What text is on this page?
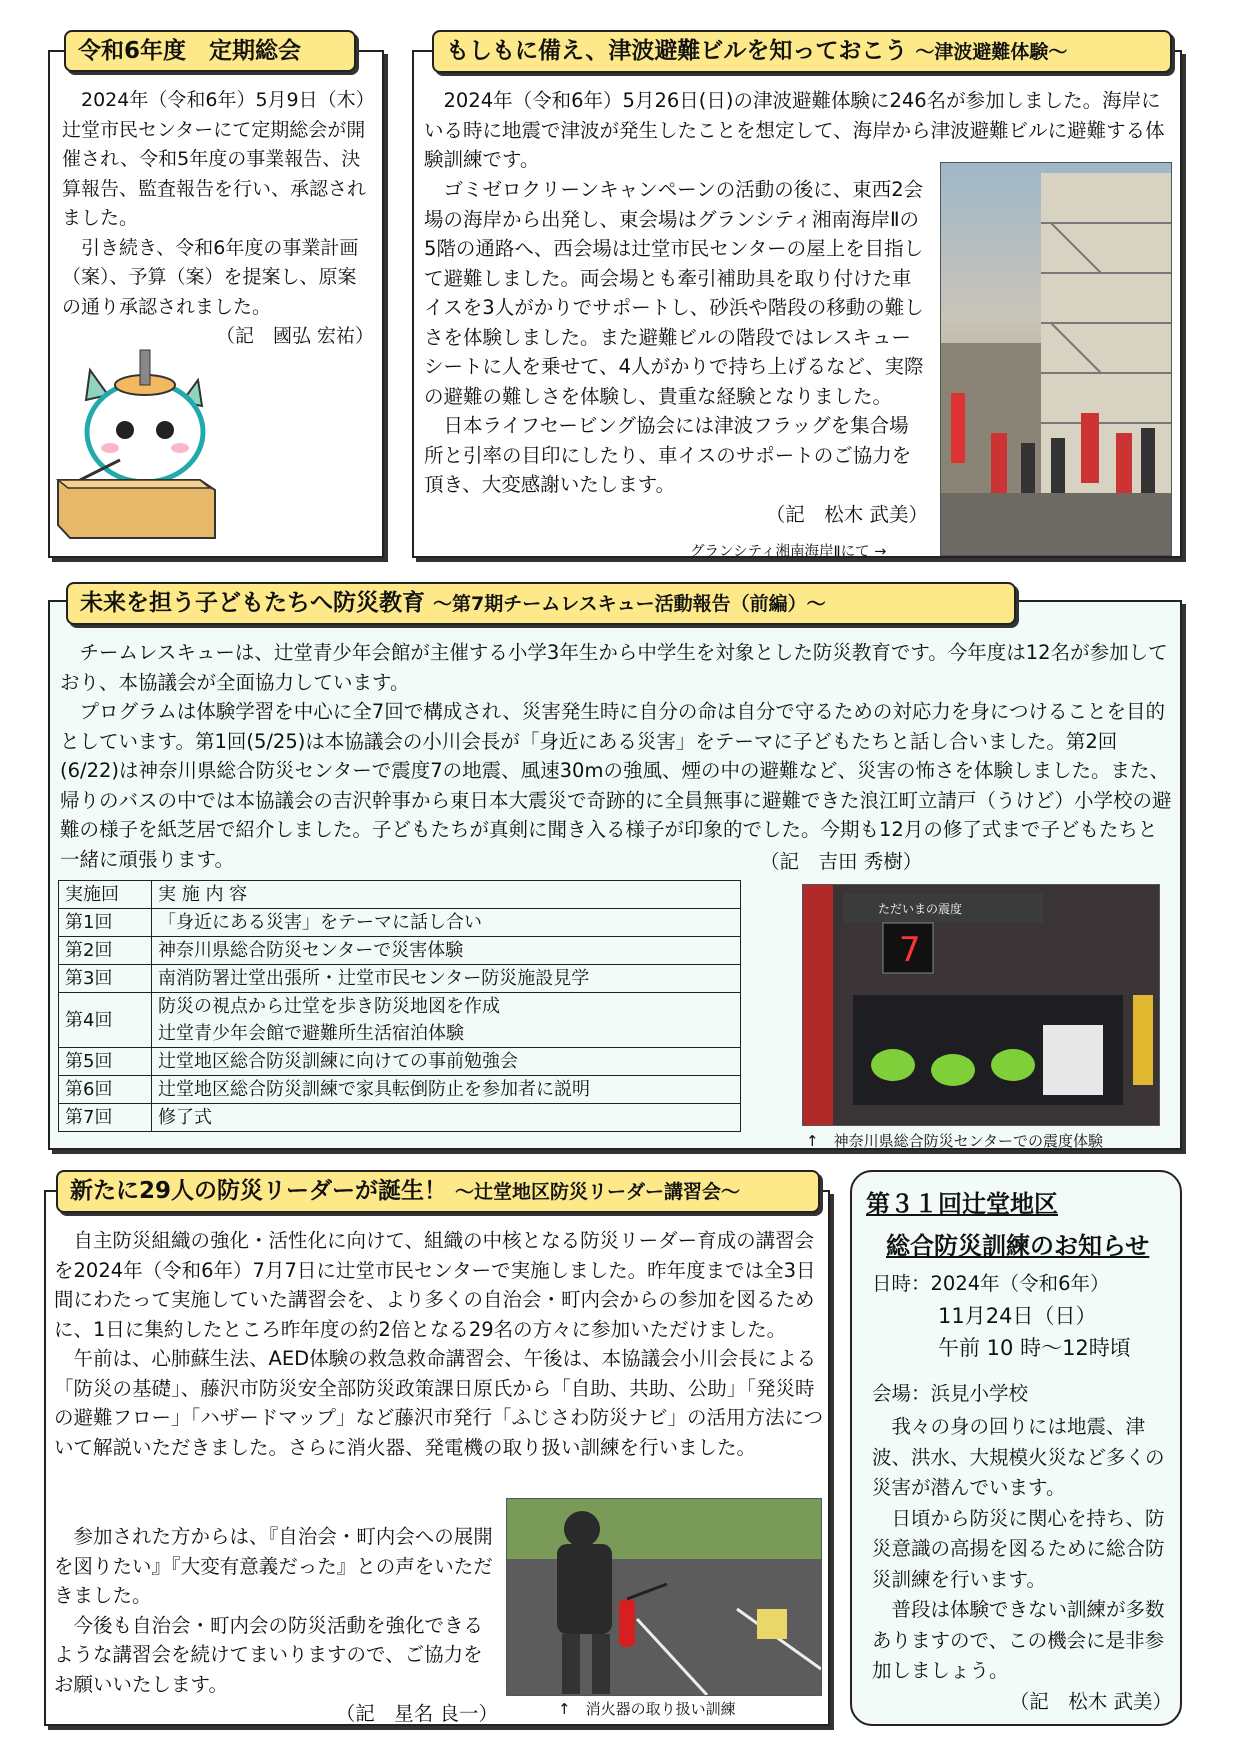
令和6年度　定期総会

2024年（令和6年）5月9日（木）辻堂市民センターにて定期総会が開催され、令和5年度の事業報告、決算報告、監査報告を行い、承認されました。

引き続き、令和6年度の事業計画（案）、予算（案）を提案し、原案の通り承認されました。

（記　國弘 宏祐）
もしもに備え、津波避難ビルを知っておこう ～津波避難体験～

2024年（令和6年）5月26日(日)の津波避難体験に246名が参加しました。海岸にいる時に地震で津波が発生したことを想定して、海岸から津波避難ビルに避難する体験訓練です。

ゴミゼロクリーンキャンペーンの活動の後に、東西2会場の海岸から出発し、東会場はグランシティ湘南海岸Ⅱの5階の通路へ、西会場は辻堂市民センターの屋上を目指して避難しました。両会場とも牽引補助具を取り付けた車イスを3人がかりでサポートし、砂浜や階段の移動の難しさを体験しました。また避難ビルの階段ではレスキューシートに人を乗せて、4人がかりで持ち上げるなど、実際の避難の難しさを体験し、貴重な経験となりました。

日本ライフセービング協会には津波フラッグを集合場所と引率の目印にしたり、車イスのサポートのご協力を頂き、大変感謝いたします。

（記　松木 武美）
グランシティ湘南海岸Ⅱにて →
未来を担う子どもたちへ防災教育 ～第7期チームレスキュー活動報告（前編）～

チームレスキューは、辻堂青少年会館が主催する小学3年生から中学生を対象とした防災教育です。今年度は12名が参加しており、本協議会が全面協力しています。

プログラムは体験学習を中心に全7回で構成され、災害発生時に自分の命は自分で守るための対応力を身につけることを目的としています。第1回(5/25)は本協議会の小川会長が「身近にある災害」をテーマに子どもたちと話し合いました。第2回(6/22)は神奈川県総合防災センターで震度7の地震、風速30mの強風、煙の中の避難など、災害の怖さを体験しました。また、帰りのバスの中では本協議会の吉沢幹事から東日本大震災で奇跡的に全員無事に避難できた浪江町立請戸（うけど）小学校の避難の様子を紙芝居で紹介しました。子どもたちが真剣に聞き入る様子が印象的でした。今期も12月の修了式まで子どもたちと一緒に頑張ります。	（記　吉田 秀樹）
実施回	実 施 内 容
第1回	「身近にある災害」をテーマに話し合い
第2回	神奈川県総合防災センターで災害体験
第3回	南消防署辻堂出張所・辻堂市民センター防災施設見学
第4回	防災の視点から辻堂を歩き防災地図を作成
辻堂青少年会館で避難所生活宿泊体験

第5回	辻堂地区総合防災訓練に向けての事前勉強会
第6回	辻堂地区総合防災訓練で家具転倒防止を参加者に説明
第7回	修了式
ただいまの震度
7
↑　神奈川県総合防災センターでの震度体験
新たに29人の防災リーダーが誕生！ ～辻堂地区防災リーダー講習会～

自主防災組織の強化・活性化に向けて、組織の中核となる防災リーダー育成の講習会を2024年（令和6年）7月7日に辻堂市民センターで実施しました。昨年度までは全3日間にわたって実施していた講習会を、より多くの自治会・町内会からの参加を図るために、1日に集約したところ昨年度の約2倍となる29名の方々に参加いただけました。

午前は、心肺蘇生法、AED体験の救急救命講習会、午後は、本協議会小川会長による「防災の基礎」、藤沢市防災安全部防災政策課日原氏から「自助、共助、公助」「発災時の避難フロー」「ハザードマップ」など藤沢市発行「ふじさわ防災ナビ」の活用方法について解説いただきました。さらに消火器、発電機の取り扱い訓練を行いました。

参加された方からは、『自治会・町内会への展開を図りたい』『大変有意義だった』との声をいただきました。

今後も自治会・町内会の防災活動を強化できるような講習会を続けてまいりますので、ご協力をお願いいたします。

（記　星名 良一）	↑　消火器の取り扱い訓練
第３１回辻堂地区
総合防災訓練のお知らせ
日時：2024年（令和6年）
11月24日（日）
午前 10 時～12時頃
会場：浜見小学校

我々の身の回りには地震、津波、洪水、大規模火災など多くの災害が潜んでいます。

日頃から防災に関心を持ち、防災意識の高揚を図るために総合防災訓練を行います。

普段は体験できない訓練が多数ありますので、この機会に是非参加しましょう。

（記　松木 武美）
